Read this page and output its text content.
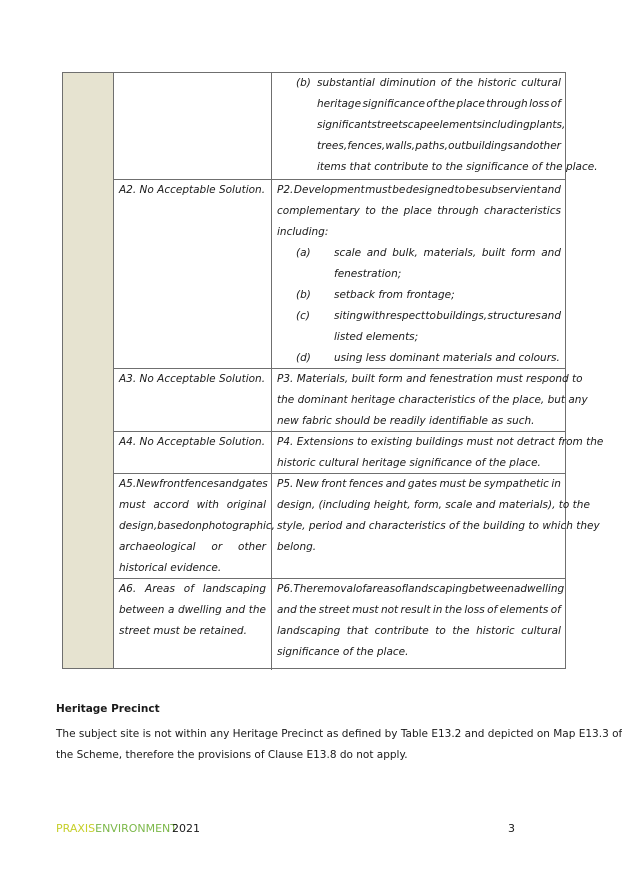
(b) substantial diminution of the historic cultural
heritage significance of the place through loss of
significant streetscape elements including plants,
trees, fences, walls, paths, outbuildings and other
items that contribute to the significance of the place.
A2. No Acceptable Solution. P2. Development must be designed to be subservient and
complementary to the place through characteristics
including:
(a) scale and bulk, materials, built form and
fenestration;
(b) setback from frontage;
(c) siting with respect to buildings, structures and
listed elements;
(d) using less dominant materials and colours.
A3. No Acceptable Solution. P3. Materials, built form and fenestration must respond to
the dominant heritage characteristics of the place, but any
new fabric should be readily identifiable as such.
A4. No Acceptable Solution. P4. Extensions to existing buildings must not detract from the
historic cultural heritage significance of the place.
A5. New front fences and gates
must accord with original
design, based on photographic,
archaeological or other
historical evidence.
P5. New front fences and gates must be sympathetic in
design, (including height, form, scale and materials), to the
style, period and characteristics of the building to which they
belong.
A6. Areas of landscaping
between a dwelling and the
street must be retained.
P6. The removal of areas of landscaping between a dwelling
and the street must not result in the loss of elements of
landscaping that contribute to the historic cultural
significance of the place.
Heritage Precinct
The subject site is not within any Heritage Precinct as defined by Table E13.2 and depicted on Map E13.3 of
the Scheme, therefore the provisions of Clause E13.8 do not apply.
PRAXISENVIRONMENT
2021	3
